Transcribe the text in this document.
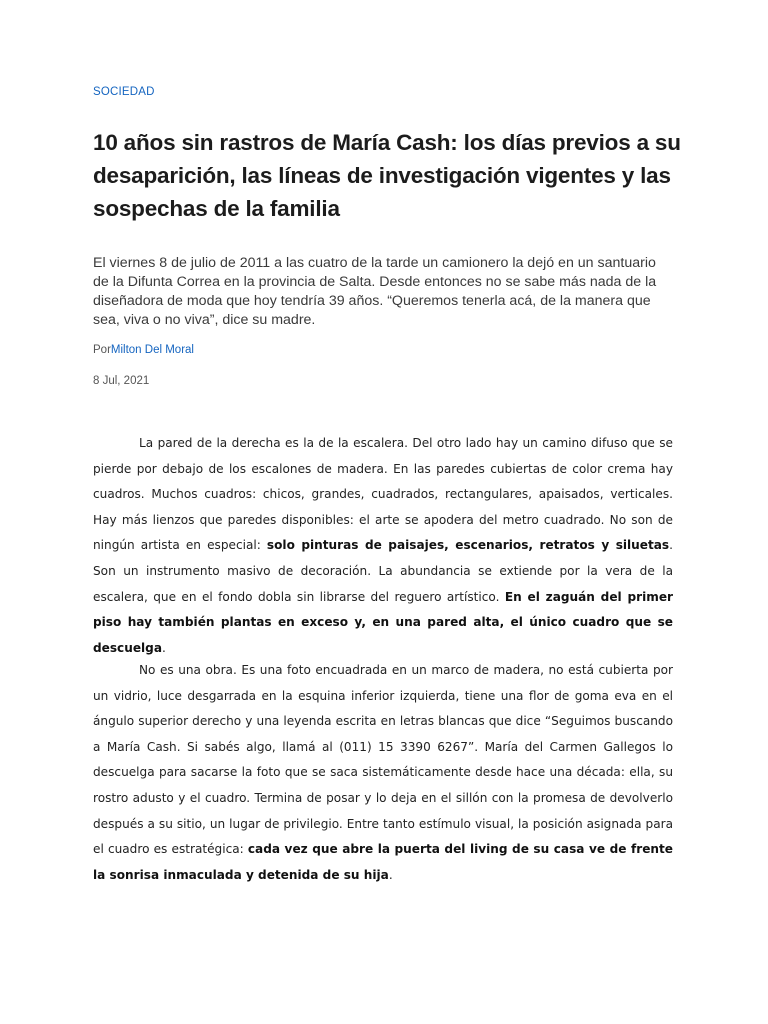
SOCIEDAD
10 años sin rastros de María Cash: los días previos a su desaparición, las líneas de investigación vigentes y las sospechas de la familia

El viernes 8 de julio de 2011 a las cuatro de la tarde un camionero la dejó en un santuario de la Difunta Correa en la provincia de Salta. Desde entonces no se sabe más nada de la diseñadora de moda que hoy tendría 39 años. “Queremos tenerla acá, de la manera que sea, viva o no viva”, dice su madre.

PorMilton Del Moral
8 Jul, 2021

La pared de la derecha es la de la escalera. Del otro lado hay un camino difuso que se pierde por debajo de los escalones de madera. En las paredes cubiertas de color crema hay cuadros. Muchos cuadros: chicos, grandes, cuadrados, rectangulares, apaisados, verticales. Hay más lienzos que paredes disponibles: el arte se apodera del metro cuadrado. No son de ningún artista en especial: solo pinturas de paisajes, escenarios, retratos y siluetas. Son un instrumento masivo de decoración. La abundancia se extiende por la vera de la escalera, que en el fondo dobla sin librarse del reguero artístico. En el zaguán del primer piso hay también plantas en exceso y, en una pared alta, el único cuadro que se descuelga.

No es una obra. Es una foto encuadrada en un marco de madera, no está cubierta por un vidrio, luce desgarrada en la esquina inferior izquierda, tiene una flor de goma eva en el ángulo superior derecho y una leyenda escrita en letras blancas que dice “Seguimos buscando a María Cash. Si sabés algo, llamá al (011) 15 3390 6267”. María del Carmen Gallegos lo descuelga para sacarse la foto que se saca sistemáticamente desde hace una década: ella, su rostro adusto y el cuadro. Termina de posar y lo deja en el sillón con la promesa de devolverlo después a su sitio, un lugar de privilegio. Entre tanto estímulo visual, la posición asignada para el cuadro es estratégica: cada vez que abre la puerta del living de su casa ve de frente la sonrisa inmaculada y detenida de su hija.
